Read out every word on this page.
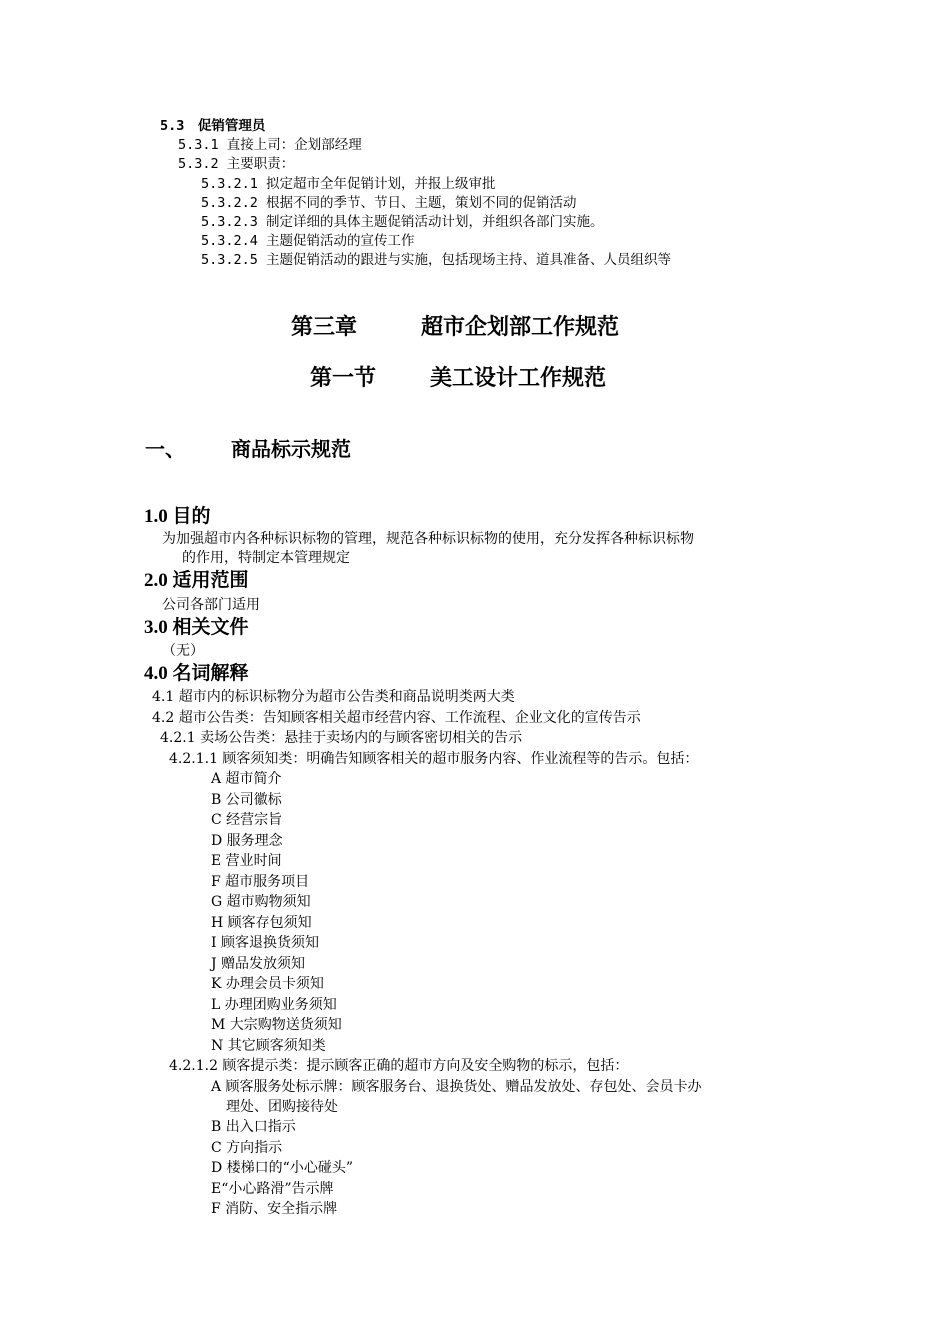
5.3　促销管理员
5.3.1 直接上司：企划部经理
5.3.2 主要职责：
5.3.2.1 拟定超市全年促销计划，并报上级审批
5.3.2.2 根据不同的季节、节日、主题，策划不同的促销活动
5.3.2.3 制定详细的具体主题促销活动计划，并组织各部门实施。
5.3.2.4 主题促销活动的宣传工作
5.3.2.5 主题促销活动的跟进与实施，包括现场主持、道具准备、人员组织等
第三章	超市企划部工作规范
第一节 美工设计工作规范
一、 商品标示规范
1.0 目的
为加强超市内各种标识标物的管理，规范各种标识标物的使用，充分发挥各种标识标物
的作用，特制定本管理规定
2.0 适用范围
公司各部门适用
3.0 相关文件
（无）
4.0 名词解释
4.1 超市内的标识标物分为超市公告类和商品说明类两大类
4.2 超市公告类：告知顾客相关超市经营内容、工作流程、企业文化的宣传告示
4.2.1 卖场公告类：悬挂于卖场内的与顾客密切相关的告示
4.2.1.1 顾客须知类：明确告知顾客相关的超市服务内容、作业流程等的告示。包括：
A 超市简介
B 公司徽标
C 经营宗旨
D 服务理念
E 营业时间
F 超市服务项目
G 超市购物须知
H 顾客存包须知
I 顾客退换货须知
J 赠品发放须知
K 办理会员卡须知
L 办理团购业务须知
M 大宗购物送货须知
N 其它顾客须知类
4.2.1.2 顾客提示类：提示顾客正确的超市方向及安全购物的标示，包括：
A 顾客服务处标示牌：顾客服务台、退换货处、赠品发放处、存包处、会员卡办
理处、团购接待处
B 出入口指示
C 方向指示
D 楼梯口的“小心碰头”
E“小心路滑”告示牌
F 消防、安全指示牌
